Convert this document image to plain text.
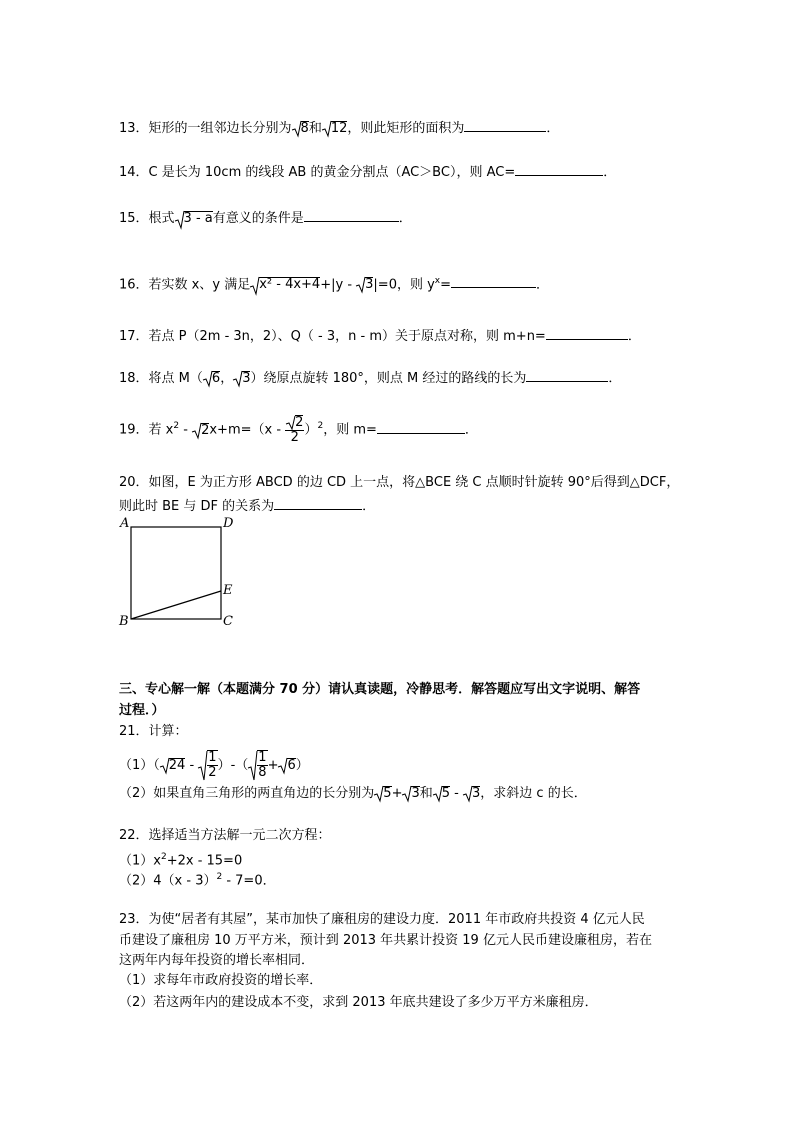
13．矩形的一组邻边长分别为 8
和 12
，则此矩形的面积为	．
14．C 是长为 10cm 的线段 AB 的黄金分割点（AC＞BC），则 AC=	．
15．根式 3 - a
有意义的条件是	．
16．若实数 x、y 满足 x² - 4x+4
+|y - 3
|=0，则 $y^x=$	．
17．若点 P（2m - 3n，2）、Q（ - 3，n - m）关于原点对称，则 m+n=	．
18．将点 M（ 6
， 3
）绕原点旋转 180°，则点 M 经过的路线的长为	．
19．若 $x^2 - 2$
$x+m=(x - \frac{2}{2} )^2$，则 m=	．
20．如图，E 为正方形 ABCD 的边 CD 上一点，将△BCE 绕 C 点顺时针旋转 90°后得到△DCF，
则此时 BE 与 DF 的关系为	．
A	D
E
B	C
三、专心解一解（本题满分 70 分）请认真读题，冷静思考．解答题应写出文字说明、解答
过程．）
21．计算：
（1）（ 24
- $\frac{1}{2}$ ）-（ $\frac{1}{8} + 6$
）
（2）如果直角三角形的两直角边的长分别为 5
+ 3
和 5
- 3
，求斜边 c 的长．
22．选择适当方法解一元二次方程：
$(1)x^2+2x - 15=0$
（2）4（x - 3）$^2$ - 7=0．
23．为使“居者有其屋”，某市加快了廉租房的建设力度．2011 年市政府共投资 4 亿元人民
币建设了廉租房 10 万平方米，预计到 2013 年共累计投资 19 亿元人民币建设廉租房，若在
这两年内每年投资的增长率相同．
（1）求每年市政府投资的增长率．
（2）若这两年内的建设成本不变，求到 2013 年底共建设了多少万平方米廉租房．
